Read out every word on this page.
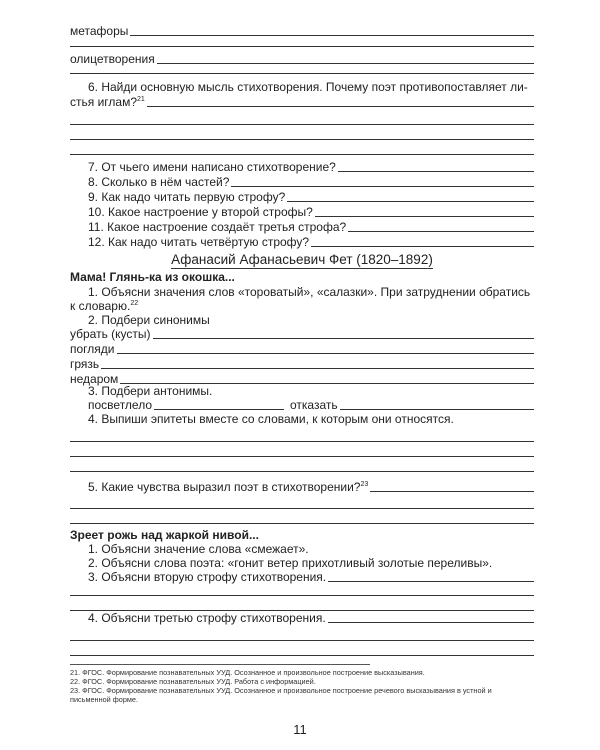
метафоры
олицетворения
6. Найди основную мысль стихотворения. Почему поэт противопоставляет ли-
стья иглам?$^{21}$
7. От чьего имени написано стихотворение?
8. Сколько в нём частей?
9. Как надо читать первую строфу?
10. Какое настроение у второй строфы?
11. Какое настроение создаёт третья строфа?
12. Как надо читать четвёртую строфу?
Афанасий Афанасьевич Фет (1820–1892)
Мама! Глянь-ка из окошка...
1. Объясни значения слов «тороватый», «салазки». При затруднении обратись
к словарю.$^{22}$
2. Подбери синонимы
убрать (кусты)
погляди
грязь
недаром
3. Подбери антонимы.
посветлело	отказать
4. Выпиши эпитеты вместе со словами, к которым они относятся.
5. Какие чувства выразил поэт в стихотворении?$^{23}$
Зреет рожь над жаркой нивой...
1. Объясни значение слова «смежает».
2. Объясни слова поэта: «гонит ветер прихотливый золотые переливы».
3. Объясни вторую строфу стихотворения.
4. Объясни третью строфу стихотворения.
21. ФГОС. Формирование познавательных УУД. Осознанное и произвольное построение высказывания.
22. ФГОС. Формирование познавательных УУД. Работа с информацией.
23. ФГОС. Формирование познавательных УУД. Осознанное и произвольное построение речевого высказывания в устной и письменной форме.
11
